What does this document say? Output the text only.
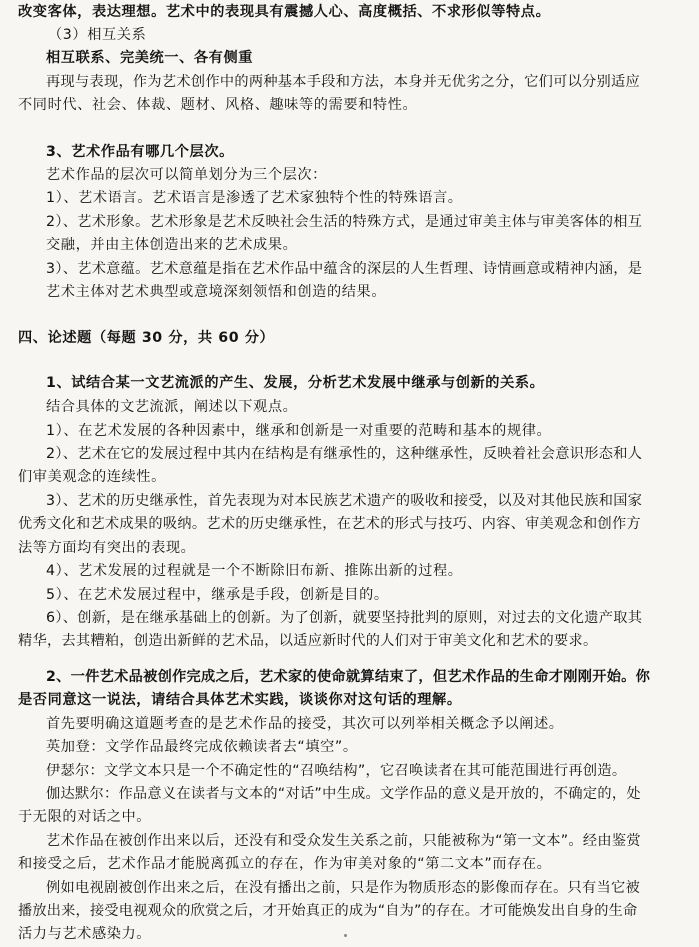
改变客体，表达理想。艺术中的表现具有震撼人心、高度概括、不求形似等特点。
（3）相互关系
相互联系、完美统一、各有侧重
再现与表现，作为艺术创作中的两种基本手段和方法，本身并无优劣之分，它们可以分别适应
不同时代、社会、体裁、题材、风格、趣味等的需要和特性。
3、艺术作品有哪几个层次。
艺术作品的层次可以简单划分为三个层次：
1）、艺术语言。艺术语言是渗透了艺术家独特个性的特殊语言。
2）、艺术形象。艺术形象是艺术反映社会生活的特殊方式，是通过审美主体与审美客体的相互
交融，并由主体创造出来的艺术成果。
3）、艺术意蕴。艺术意蕴是指在艺术作品中蕴含的深层的人生哲理、诗情画意或精神内涵，是
艺术主体对艺术典型或意境深刻领悟和创造的结果。
四、论述题（每题 30 分，共 60 分）
1、试结合某一文艺流派的产生、发展，分析艺术发展中继承与创新的关系。
结合具体的文艺流派，阐述以下观点。
1）、在艺术发展的各种因素中，继承和创新是一对重要的范畴和基本的规律。
2）、艺术在它的发展过程中其内在结构是有继承性的，这种继承性，反映着社会意识形态和人
们审美观念的连续性。
3）、艺术的历史继承性，首先表现为对本民族艺术遗产的吸收和接受，以及对其他民族和国家
优秀文化和艺术成果的吸纳。艺术的历史继承性，在艺术的形式与技巧、内容、审美观念和创作方
法等方面均有突出的表现。
4）、艺术发展的过程就是一个不断除旧布新、推陈出新的过程。
5）、在艺术发展过程中，继承是手段，创新是目的。
6）、创新，是在继承基础上的创新。为了创新，就要坚持批判的原则，对过去的文化遗产取其
精华，去其糟粕，创造出新鲜的艺术品，以适应新时代的人们对于审美文化和艺术的要求。
2、一件艺术品被创作完成之后，艺术家的使命就算结束了，但艺术作品的生命才刚刚开始。你
是否同意这一说法，请结合具体艺术实践，谈谈你对这句话的理解。
首先要明确这道题考查的是艺术作品的接受，其次可以列举相关概念予以阐述。
英加登：文学作品最终完成依赖读者去“填空”。
伊瑟尔：文学文本只是一个不确定性的“召唤结构”，它召唤读者在其可能范围进行再创造。
伽达默尔：作品意义在读者与文本的“对话”中生成。文学作品的意义是开放的，不确定的，处
于无限的对话之中。
艺术作品在被创作出来以后，还没有和受众发生关系之前，只能被称为“第一文本”。经由鉴赏
和接受之后，艺术作品才能脱离孤立的存在，作为审美对象的“第二文本”而存在。
例如电视剧被创作出来之后，在没有播出之前，只是作为物质形态的影像而存在。只有当它被
播放出来，接受电视观众的欣赏之后，才开始真正的成为“自为”的存在。才可能焕发出自身的生命
活力与艺术感染力。
